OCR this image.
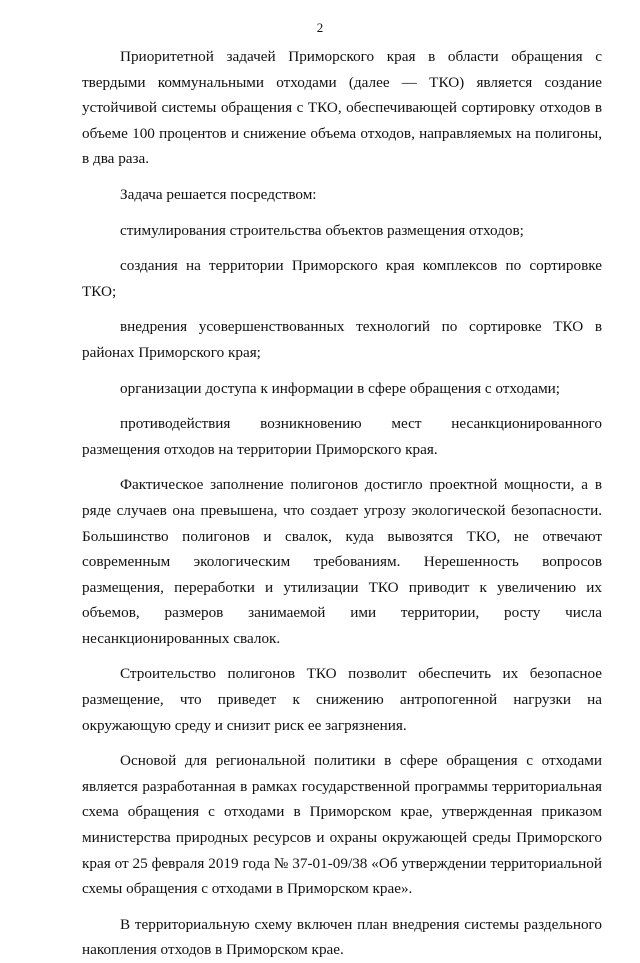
2

Приоритетной задачей Приморского края в области обращения с твердыми коммунальными отходами (далее — ТКО) является создание устойчивой системы обращения с ТКО, обеспечивающей сортировку отходов в объеме 100 процентов и снижение объема отходов, направляемых на полигоны, в два раза.

Задача решается посредством:

стимулирования строительства объектов размещения отходов;

создания на территории Приморского края комплексов по сортировке ТКО;

внедрения усовершенствованных технологий по сортировке ТКО в районах Приморского края;

организации доступа к информации в сфере обращения с отходами;

противодействия возникновению мест несанкционированного размещения отходов на территории Приморского края.

Фактическое заполнение полигонов достигло проектной мощности, а в ряде случаев она превышена, что создает угрозу экологической безопасности. Большинство полигонов и свалок, куда вывозятся ТКО, не отвечают современным экологическим требованиям. Нерешенность вопросов размещения, переработки и утилизации ТКО приводит к увеличению их объемов, размеров занимаемой ими территории, росту числа несанкционированных свалок.

Строительство полигонов ТКО позволит обеспечить их безопасное размещение, что приведет к снижению антропогенной нагрузки на окружающую среду и снизит риск ее загрязнения.

Основой для региональной политики в сфере обращения с отходами является разработанная в рамках государственной программы территориальная схема обращения с отходами в Приморском крае, утвержденная приказом министерства природных ресурсов и охраны окружающей среды Приморского края от 25 февраля 2019 года № 37-01-09/38 «Об утверждении территориальной схемы обращения с отходами в Приморском крае».

В территориальную схему включен план внедрения системы раздельного накопления отходов в Приморском крае.
